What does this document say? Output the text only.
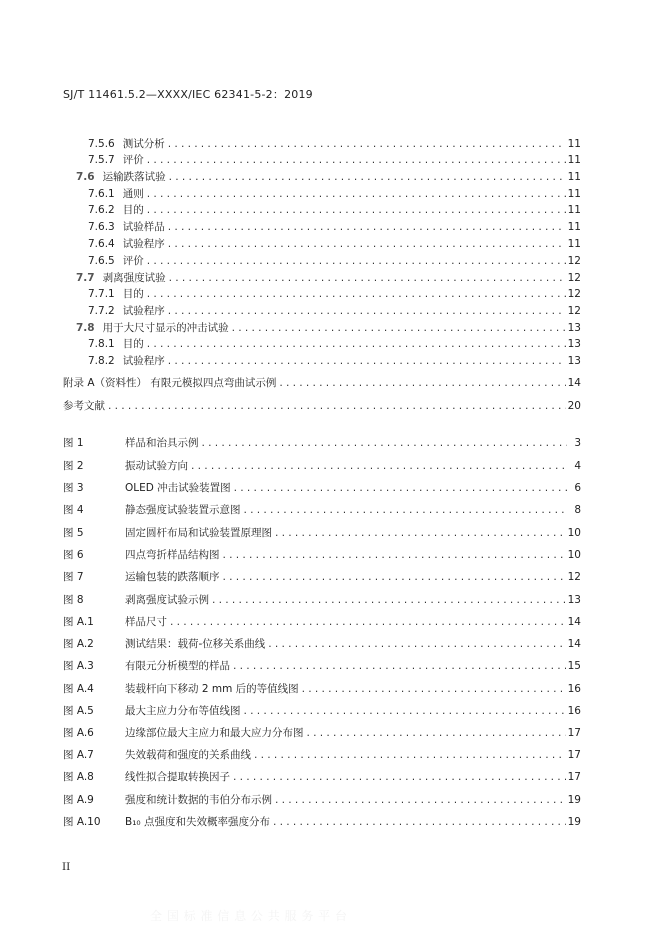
SJ/T 11461.5.2—XXXX/IEC 62341-5-2：2019
7.5.6 测试分析 .....	11
7.5.7 评价 .....	11
7.6 运输跌落试验 .....	11
7.6.1 通则 .....	11
7.6.2 目的 .....	11
7.6.3 试验样品 .....	11
7.6.4 试验程序 .....	11
7.6.5 评价 .....	12
7.7 剥离强度试验 .....	12
7.7.1 目的 .....	12
7.7.2 试验程序 .....	12
7.8 用于大尺寸显示的冲击试验 .....	13
7.8.1 目的 .....	13
7.8.2 试验程序 .....	13
附录 A（资料性） 有限元模拟四点弯曲试示例 .....	14
参考文献 .....	20
图 1	样品和治具示例 .....	3
图 2	振动试验方向 .....	4
图 3	OLED 冲击试验装置图 .....	6
图 4	静态强度试验装置示意图 .....	8
图 5	固定圆杆布局和试验装置原理图 .....	10
图 6	四点弯折样品结构图 .....	10
图 7	运输包装的跌落顺序 .....	12
图 8	剥离强度试验示例 .....	13
图 A.1	样品尺寸 .....	14
图 A.2	测试结果：载荷-位移关系曲线 .....	14
图 A.3	有限元分析模型的样品 .....	15
图 A.4	装载杆向下移动 2 mm 后的等值线图 .....	16
图 A.5	最大主应力分布等值线图 .....	16
图 A.6	边缘部位最大主应力和最大应力分布图 .....	17
图 A.7	失效载荷和强度的关系曲线 .....	17
图 A.8	线性拟合提取转换因子 .....	17
图 A.9	强度和统计数据的韦伯分布示例 .....	19
图 A.10	B₁₀ 点强度和失效概率强度分布 .....	19
II
全 国 标 准 信 息 公 共 服 务 平 台
